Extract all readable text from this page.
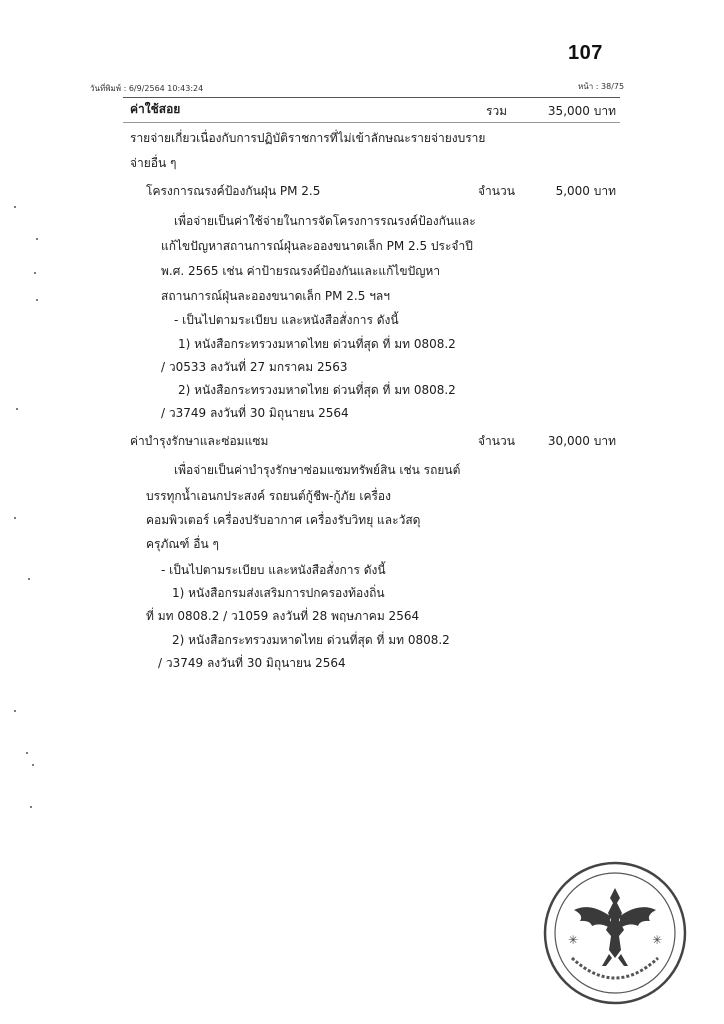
107
วันที่พิมพ์ : 6/9/2564 10:43:24	หน้า : 38/75
ค่าใช้สอย	รวม	35,000 บาท
รายจ่ายเกี่ยวเนื่องกับการปฏิบัติราชการที่ไม่เข้าลักษณะรายจ่ายงบราย
จ่ายอื่น ๆ
โครงการณรงค์ป้องกันฝุ่น PM 2.5	จำนวน	5,000 บาท
เพื่อจ่ายเป็นค่าใช้จ่ายในการจัดโครงการรณรงค์ป้องกันและ
แก้ไขปัญหาสถานการณ์ฝุ่นละอองขนาดเล็ก PM 2.5 ประจำปี
พ.ศ. 2565 เช่น ค่าป้ายรณรงค์ป้องกันและแก้ไขปัญหา
สถานการณ์ฝุ่นละอองขนาดเล็ก PM 2.5 ฯลฯ
- เป็นไปตามระเบียบ และหนังสือสั่งการ ดังนี้
1) หนังสือกระทรวงมหาดไทย ด่วนที่สุด ที่ มท 0808.2
/ ว0533 ลงวันที่ 27 มกราคม 2563
2) หนังสือกระทรวงมหาดไทย ด่วนที่สุด ที่ มท 0808.2
/ ว3749 ลงวันที่ 30 มิถุนายน 2564
ค่าบำรุงรักษาและซ่อมแซม	จำนวน	30,000 บาท
เพื่อจ่ายเป็นค่าบำรุงรักษาซ่อมแซมทรัพย์สิน เช่น รถยนต์
บรรทุกน้ำเอนกประสงค์ รถยนต์กู้ชีพ-กู้ภัย เครื่อง
คอมพิวเตอร์ เครื่องปรับอากาศ เครื่องรับวิทยุ และวัสดุ
ครุภัณฑ์ อื่น ๆ
- เป็นไปตามระเบียบ และหนังสือสั่งการ ดังนี้
1) หนังสือกรมส่งเสริมการปกครองท้องถิ่น
ที่ มท 0808.2 / ว1059 ลงวันที่ 28 พฤษภาคม 2564
2) หนังสือกระทรวงมหาดไทย ด่วนที่สุด ที่ มท 0808.2
/ ว3749 ลงวันที่ 30 มิถุนายน 2564
✳	✳
